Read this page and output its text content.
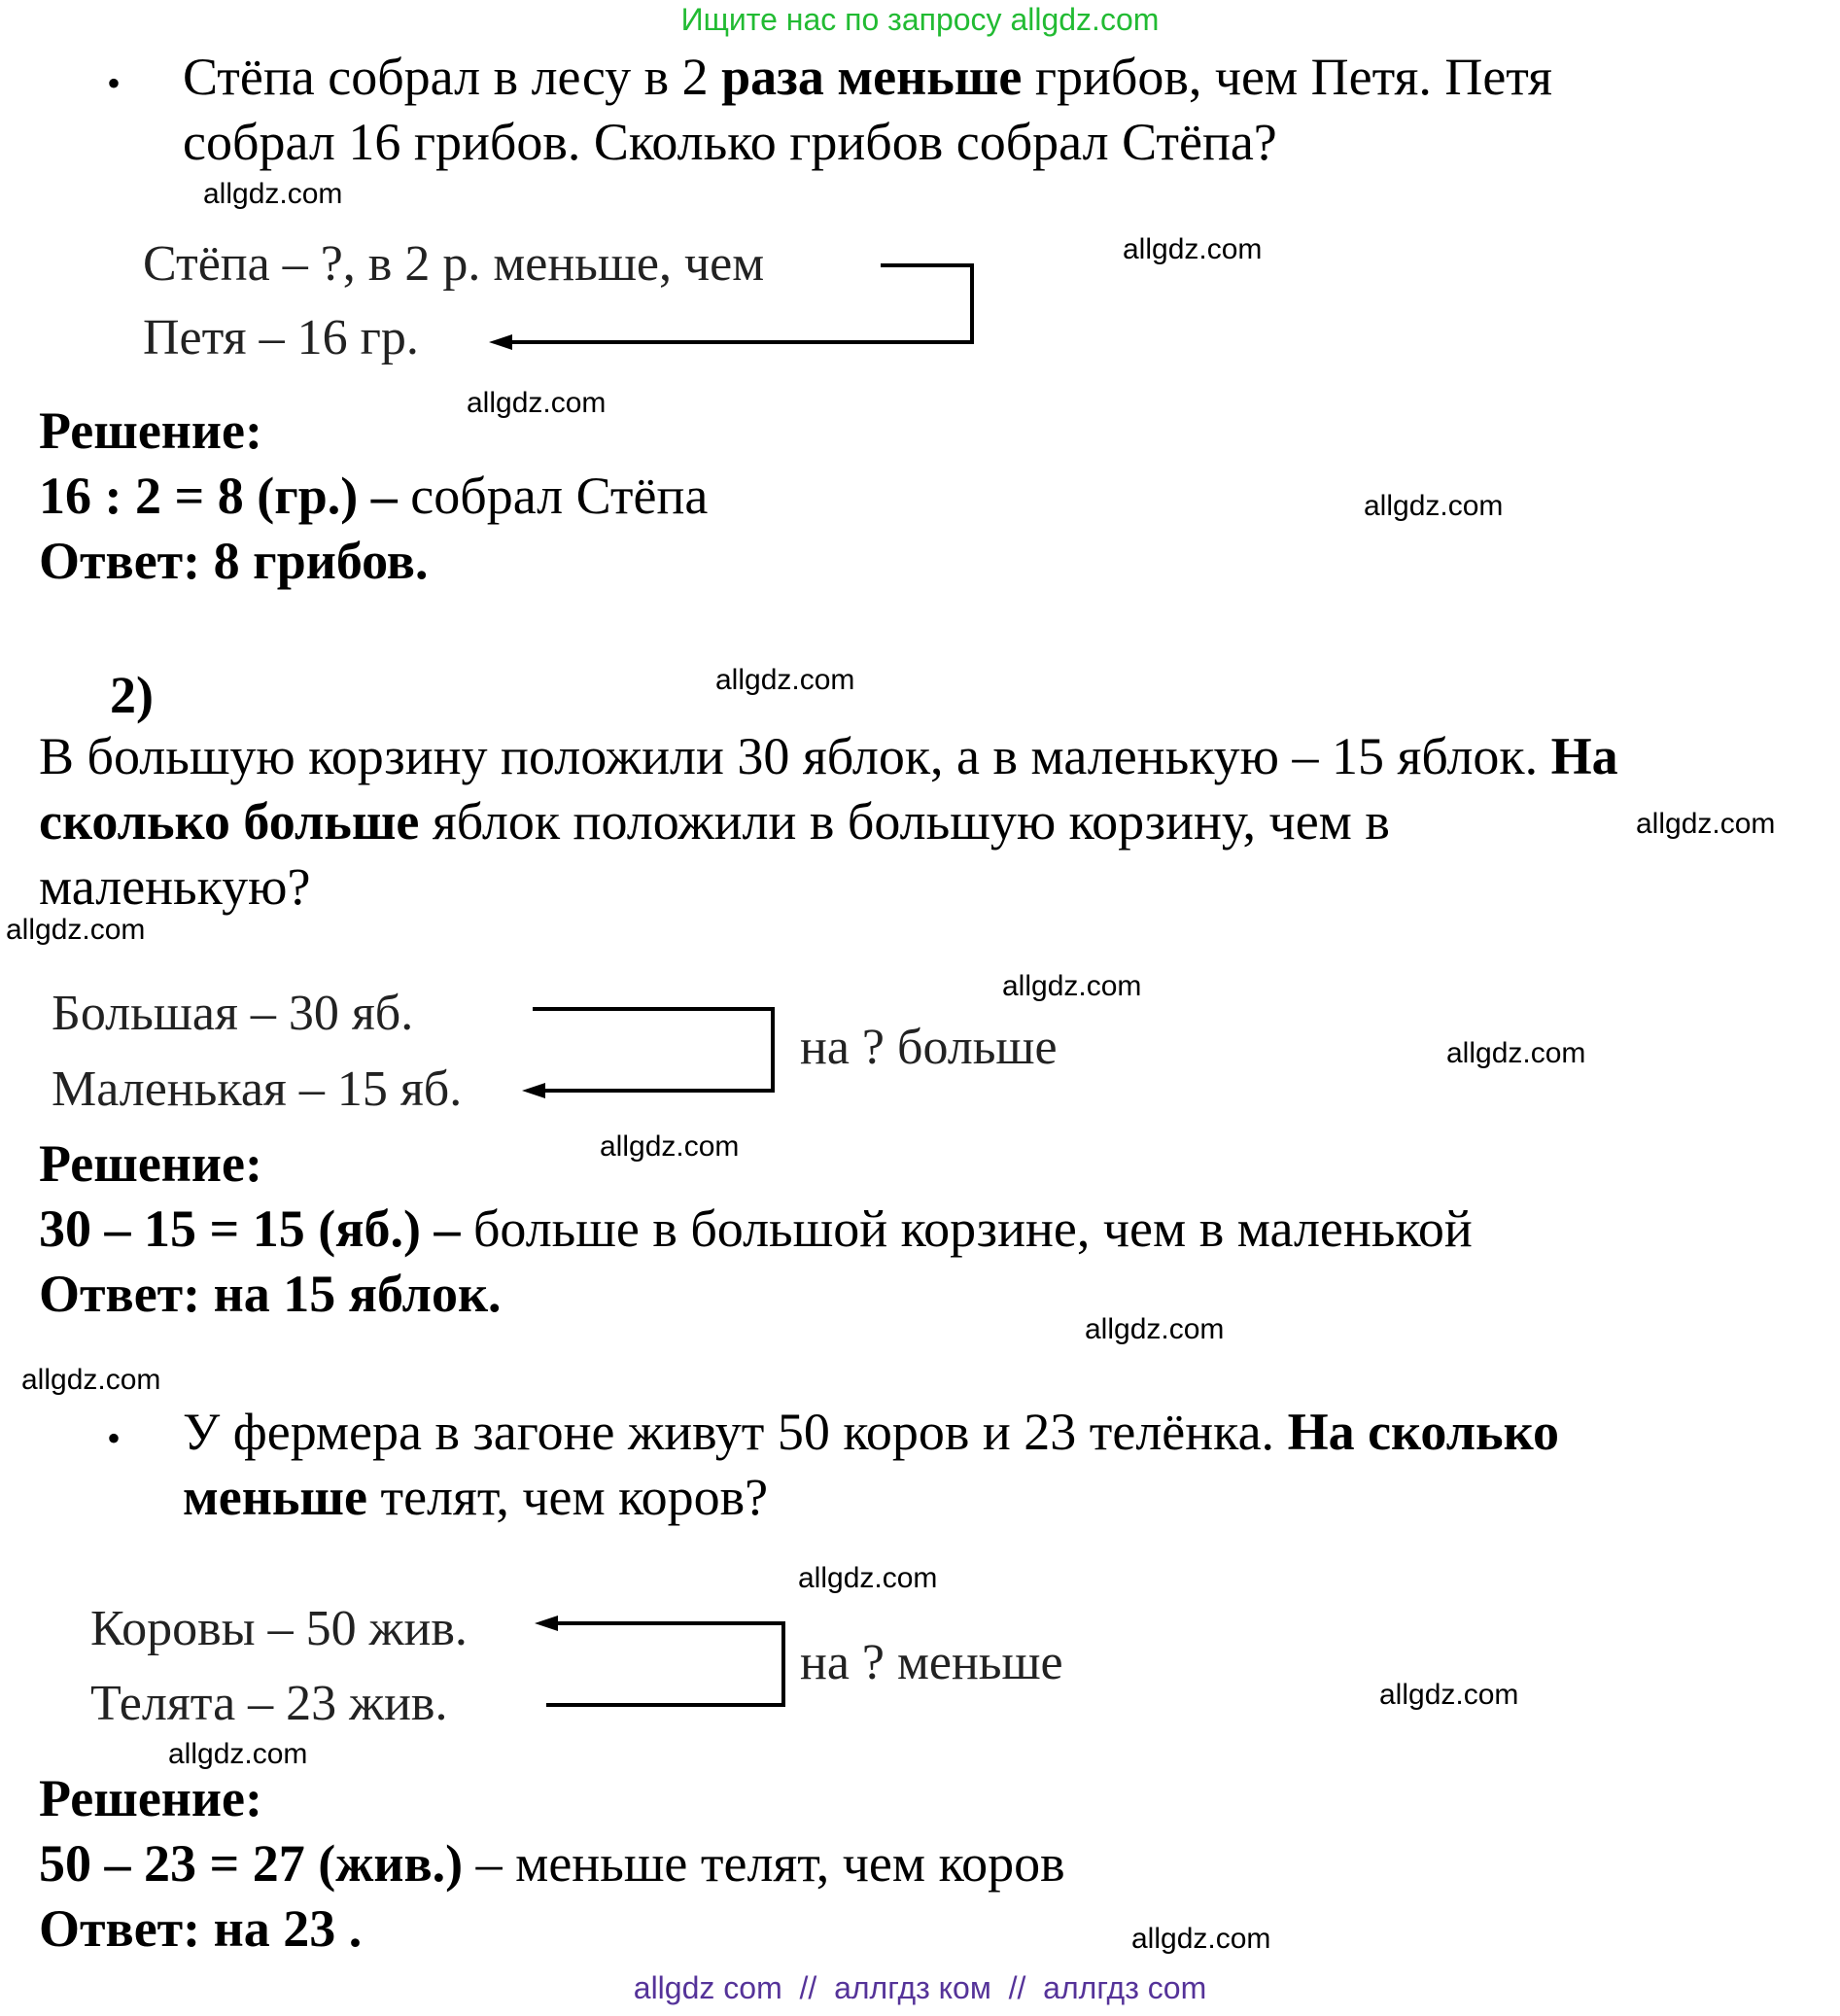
Ищите нас по запросу allgdz.com
• Стёпа собрал в лесу в 2 раза меньше грибов, чем Петя. Петя
собрал 16 грибов. Сколько грибов собрал Стёпа?
Стёпа – ?, в 2 р. меньше, чем
Петя – 16 гр.
Решение:
16 : 2 = 8 (гр.) – собрал Стёпа
Ответ: 8 грибов.
2)
В большую корзину положили 30 яблок, а в маленькую – 15 яблок. На
сколько больше яблок положили в большую корзину, чем в
маленькую?
Большая – 30 яб.
Маленькая – 15 яб.
на ? больше
Решение:
30 – 15 = 15 (яб.) – больше в большой корзине, чем в маленькой
Ответ: на 15 яблок.
• У фермера в загоне живут 50 коров и 23 телёнка. На сколько
меньше телят, чем коров?
Коровы – 50 жив.
Телята – 23 жив.
на ? меньше
Решение:
50 – 23 = 27 (жив.) – меньше телят, чем коров
Ответ: на 23 .
allgdz.com
allgdz.com
allgdz.com
allgdz.com
allgdz.com
allgdz.com
allgdz.com
allgdz.com
allgdz.com
allgdz.com
allgdz.com
allgdz.com
allgdz.com
allgdz.com
allgdz.com
allgdz.com
allgdz com  //  аллгдз ком  //  аллгдз com
